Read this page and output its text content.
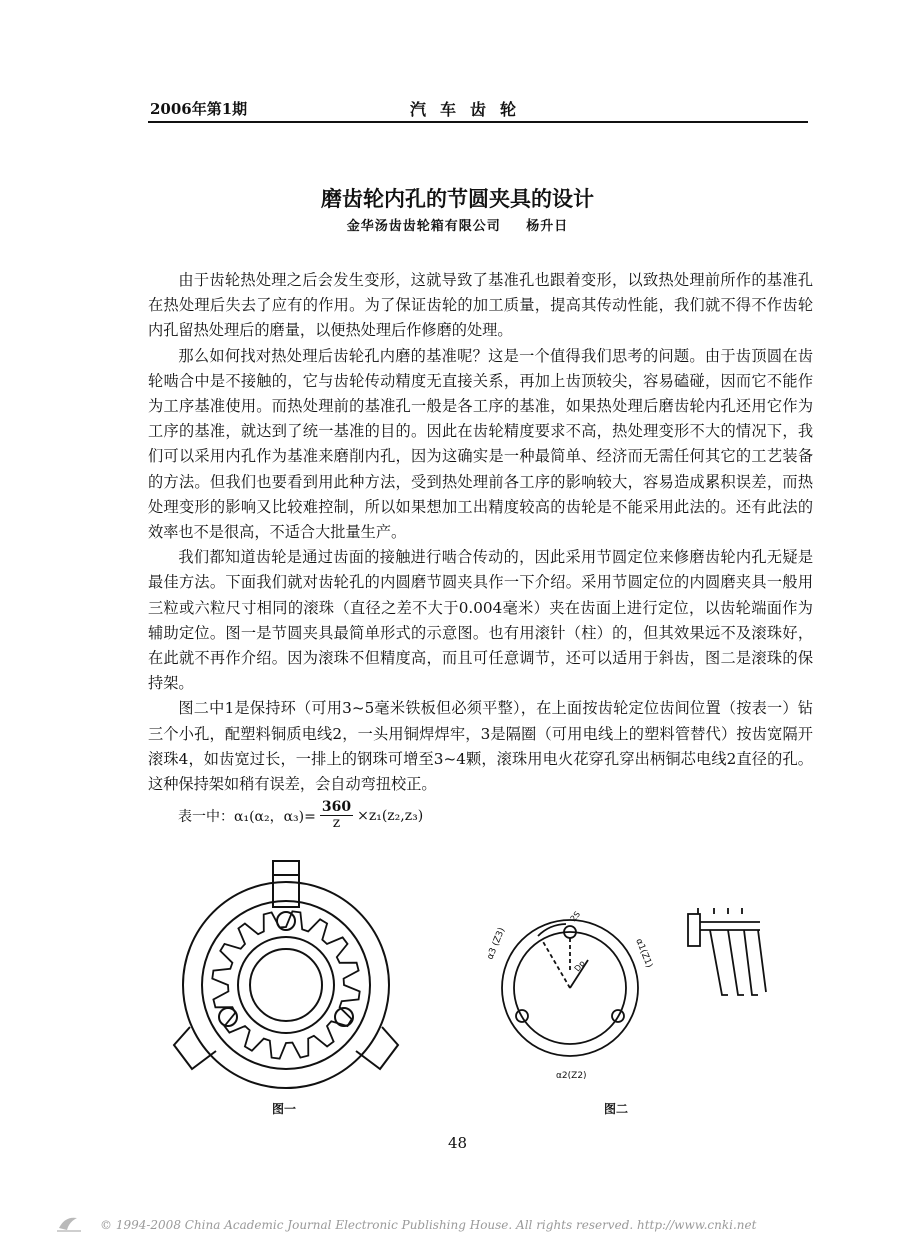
2006年第1期	汽车齿轮
磨齿轮内孔的节圆夹具的设计
金华汤齿齿轮箱有限公司 杨升日

由于齿轮热处理之后会发生变形，这就导致了基准孔也跟着变形，以致热处理前所作的基准孔在热处理后失去了应有的作用。为了保证齿轮的加工质量，提高其传动性能，我们就不得不作齿轮内孔留热处理后的磨量，以便热处理后作修磨的处理。

那么如何找对热处理后齿轮孔内磨的基准呢？这是一个值得我们思考的问题。由于齿顶圆在齿轮啮合中是不接触的，它与齿轮传动精度无直接关系，再加上齿顶较尖，容易磕碰，因而它不能作为工序基准使用。而热处理前的基准孔一般是各工序的基准，如果热处理后磨齿轮内孔还用它作为工序的基准，就达到了统一基准的目的。因此在齿轮精度要求不高，热处理变形不大的情况下，我们可以采用内孔作为基准来磨削内孔，因为这确实是一种最简单、经济而无需任何其它的工艺装备的方法。但我们也要看到用此种方法，受到热处理前各工序的影响较大，容易造成累积误差，而热处理变形的影响又比较难控制，所以如果想加工出精度较高的齿轮是不能采用此法的。还有此法的效率也不是很高，不适合大批量生产。

我们都知道齿轮是通过齿面的接触进行啮合传动的，因此采用节圆定位来修磨齿轮内孔无疑是最佳方法。下面我们就对齿轮孔的内圆磨节圆夹具作一下介绍。采用节圆定位的内圆磨夹具一般用三粒或六粒尺寸相同的滚珠（直径之差不大于0.004毫米）夹在齿面上进行定位，以齿轮端面作为辅助定位。图一是节圆夹具最简单形式的示意图。也有用滚针（柱）的，但其效果远不及滚珠好，在此就不再作介绍。因为滚珠不但精度高，而且可任意调节，还可以适用于斜齿，图二是滚珠的保持架。

图二中1是保持环（可用3~5毫米铁板但必须平整），在上面按齿轮定位齿间位置（按表一）钻三个小孔，配塑料铜质电线2，一头用铜焊焊牢，3是隔圈（可用电线上的塑料管替代）按齿宽隔开滚珠4，如齿宽过长，一排上的钢珠可增至3~4颗，滚珠用电火花穿孔穿出柄铜芯电线2直径的孔。这种保持架如稍有误差，会自动弯扭校正。

表一中：α₁(α₂，$\alpha_3)= \frac{360}{z} \times z_1(z_2,z_3)$
图一
α3 (Z3)	α1(Z1)
α2(Z2)
Dp
2S
图二
48
© 1994-2008 China Academic Journal Electronic Publishing House. All rights reserved. http://www.cnki.net
